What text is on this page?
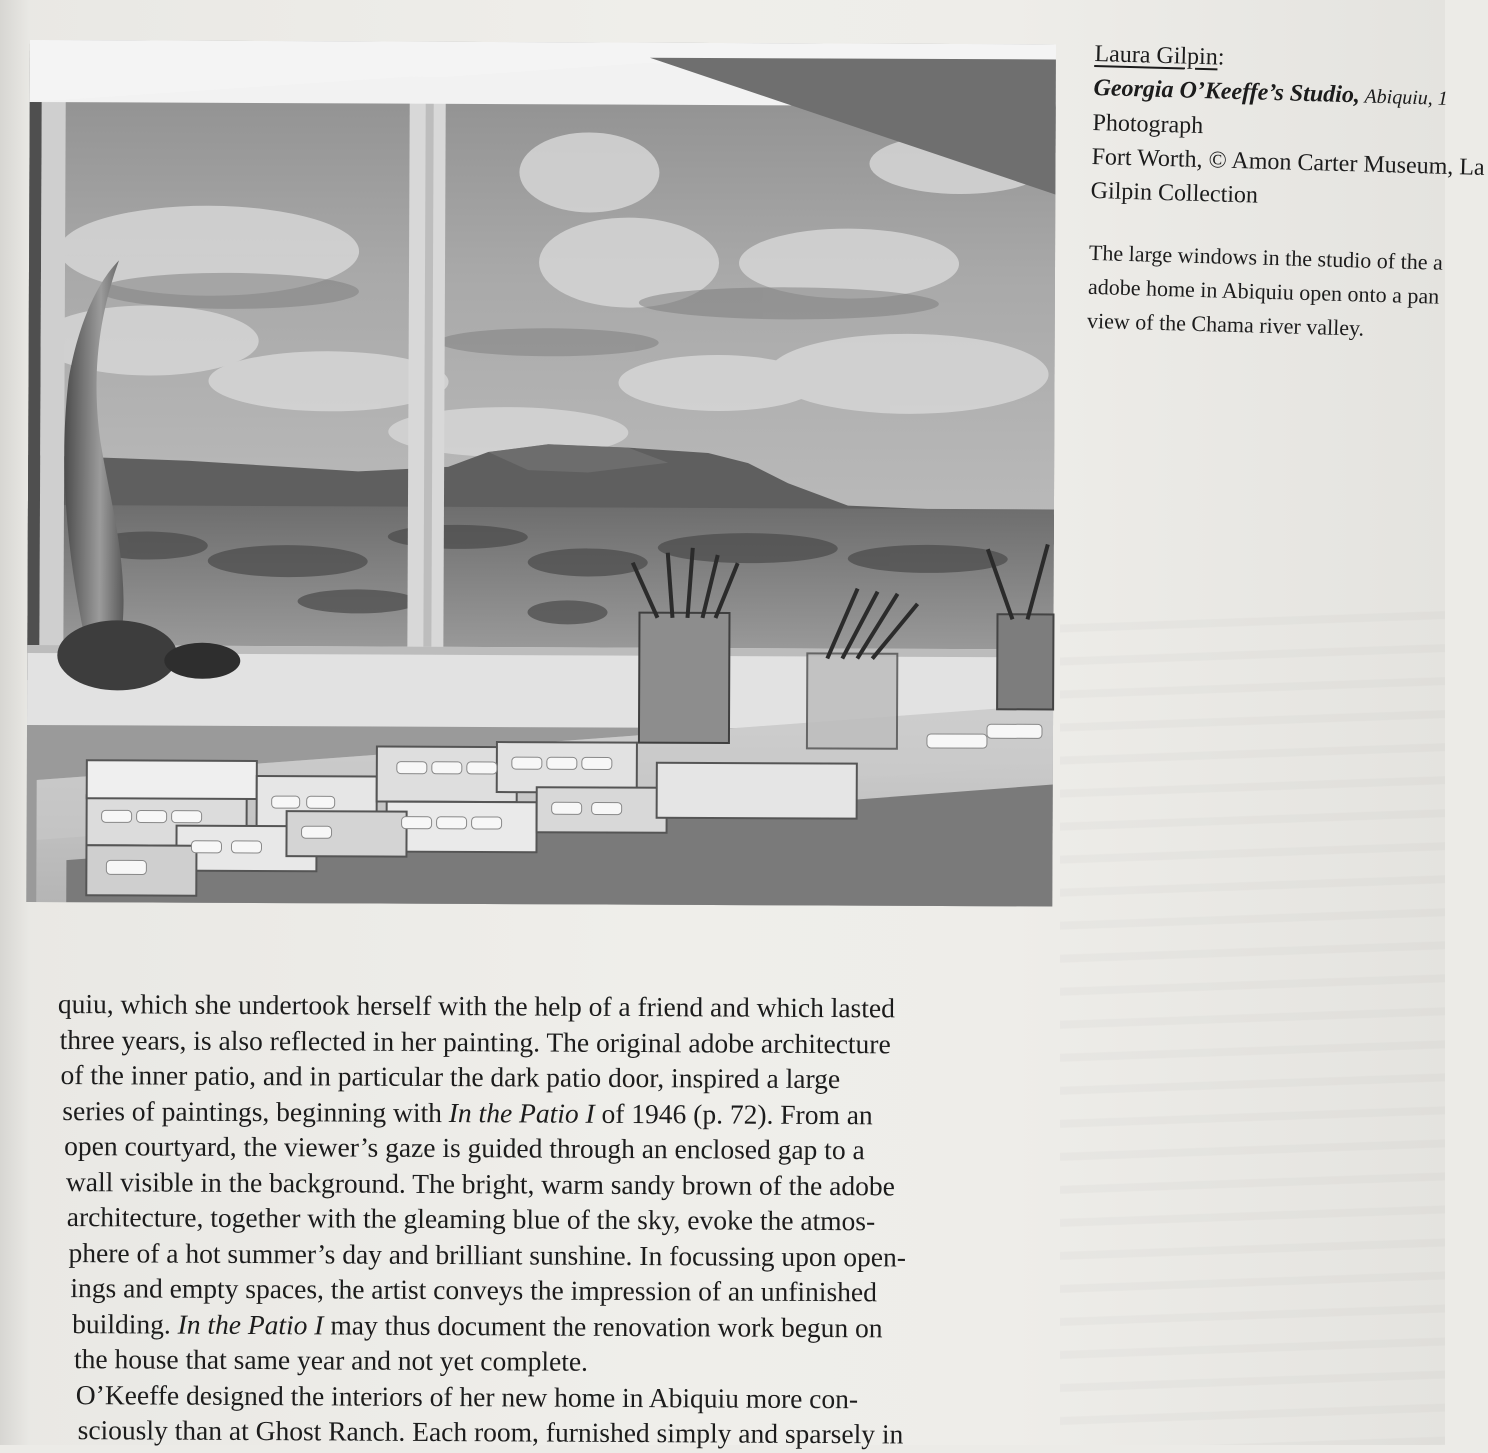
Laura Gilpin:
Georgia O’Keeffe’s Studio, Abiquiu, 1
Photograph
Fort Worth, © Amon Carter Museum, La
Gilpin Collection
The large windows in the studio of the a
adobe home in Abiquiu open onto a pan
view of the Chama river valley.
quiu, which she undertook herself with the help of a friend and which lasted
three years, is also reflected in her painting. The original adobe architecture
of the inner patio, and in particular the dark patio door, inspired a large
series of paintings, beginning with In the Patio I of 1946 (p. 72). From an
open courtyard, the viewer’s gaze is guided through an enclosed gap to a
wall visible in the background. The bright, warm sandy brown of the adobe
architecture, together with the gleaming blue of the sky, evoke the atmos-
phere of a hot summer’s day and brilliant sunshine. In focussing upon open-
ings and empty spaces, the artist conveys the impression of an unfinished
building. In the Patio I may thus document the renovation work begun on
the house that same year and not yet complete.
O’Keeffe designed the interiors of her new home in Abiquiu more con-
sciously than at Ghost Ranch. Each room, furnished simply and sparsely in
